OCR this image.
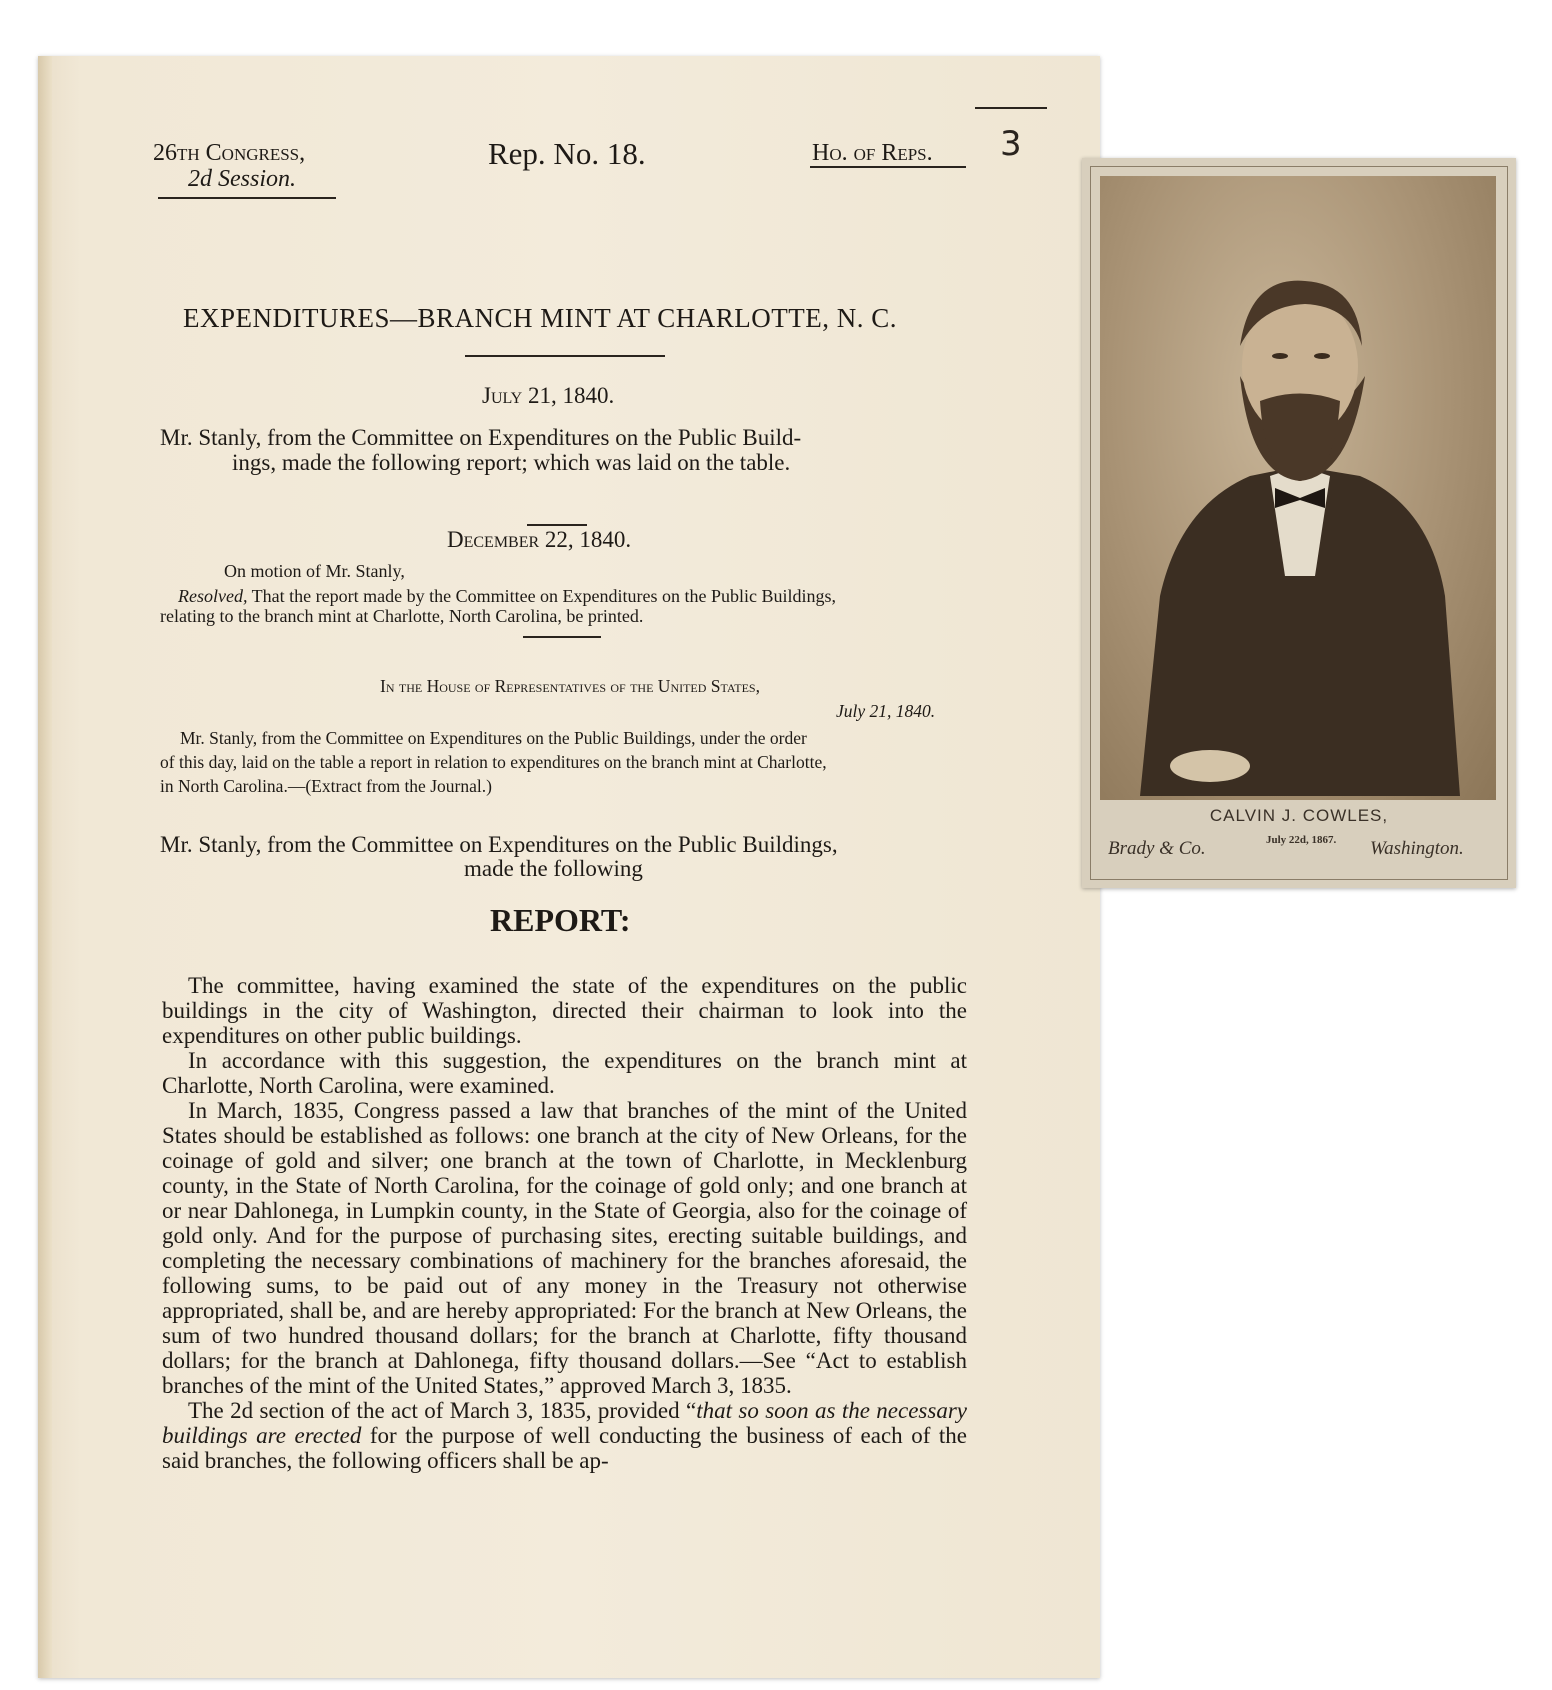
26th Congress,
2d Session.
Rep. No. 18.	Ho. of Reps. 3
EXPENDITURES—BRANCH MINT AT CHARLOTTE, N. C.
July 21, 1840.
Mr. Stanly, from the Committee on Expenditures on the Public Build-
ings, made the following report; which was laid on the table.
December 22, 1840.
On motion of Mr. Stanly,
Resolved, That the report made by the Committee on Expenditures on the Public Buildings,
relating to the branch mint at Charlotte, North Carolina, be printed.
In the House of Representatives of the United States,
July 21, 1840.
Mr. Stanly, from the Committee on Expenditures on the Public Buildings, under the order
of this day, laid on the table a report in relation to expenditures on the branch mint at Charlotte,
in North Carolina.—(Extract from the Journal.)
Mr. Stanly, from the Committee on Expenditures on the Public Buildings,
made the following
REPORT:

The committee, having examined the state of the expenditures on the public buildings in the city of Washington, directed their chairman to look into the expenditures on other public buildings.

In accordance with this suggestion, the expenditures on the branch mint at Charlotte, North Carolina, were examined.

In March, 1835, Congress passed a law that branches of the mint of the United States should be established as follows: one branch at the city of New Orleans, for the coinage of gold and silver; one branch at the town of Charlotte, in Mecklenburg county, in the State of North Carolina, for the coinage of gold only; and one branch at or near Dahlonega, in Lumpkin county, in the State of Georgia, also for the coinage of gold only. And for the purpose of purchasing sites, erecting suitable buildings, and completing the necessary combinations of machinery for the branches aforesaid, the following sums, to be paid out of any money in the Treasury not otherwise appropriated, shall be, and are hereby appropriated: For the branch at New Orleans, the sum of two hundred thousand dollars; for the branch at Charlotte, fifty thousand dollars; for the branch at Dahlonega, fifty thousand dollars.—See “Act to establish branches of the mint of the United States,” approved March 3, 1835.

The 2d section of the act of March 3, 1835, provided “that so soon as the necessary buildings are erected for the purpose of well conducting the business of each of the said branches, the following officers shall be ap-

CALVIN J. COWLES,
Brady & Co.	July 22d, 1867. Washington.
